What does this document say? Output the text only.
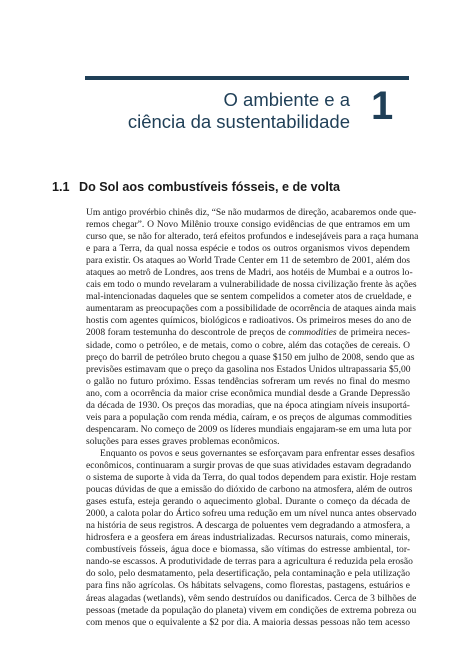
O ambiente e a
ciência da sustentabilidade 1
1.1 Do Sol aos combustíveis fósseis, e de volta

Um antigo provérbio chinês diz, “Se não mudarmos de direção, acabaremos onde que-
remos chegar”. O Novo Milênio trouxe consigo evidências de que entramos em um
curso que, se não for alterado, terá efeitos profundos e indesejáveis para a raça humana
e para a Terra, da qual nossa espécie e todos os outros organismos vivos dependem
para existir. Os ataques ao World Trade Center em 11 de setembro de 2001, além dos
ataques ao metrô de Londres, aos trens de Madri, aos hotéis de Mumbai e a outros lo-
cais em todo o mundo revelaram a vulnerabilidade de nossa civilização frente às ações
mal-intencionadas daqueles que se sentem compelidos a cometer atos de crueldade, e
aumentaram as preocupações com a possibilidade de ocorrência de ataques ainda mais
hostis com agentes químicos, biológicos e radioativos. Os primeiros meses do ano de
2008 foram testemunha do descontrole de preços de commodities de primeira neces-
sidade, como o petróleo, e de metais, como o cobre, além das cotações de cereais. O
preço do barril de petróleo bruto chegou a quase $150 em julho de 2008, sendo que as
previsões estimavam que o preço da gasolina nos Estados Unidos ultrapassaria $5,00
o galão no futuro próximo. Essas tendências sofreram um revés no final do mesmo
ano, com a ocorrência da maior crise econômica mundial desde a Grande Depressão
da década de 1930. Os preços das moradias, que na época atingiam níveis insuportá-
veis para a população com renda média, caíram, e os preços de algumas commodities
despencaram. No começo de 2009 os líderes mundiais engajaram-se em uma luta por
soluções para esses graves problemas econômicos.

Enquanto os povos e seus governantes se esforçavam para enfrentar esses desafios
econômicos, continuaram a surgir provas de que suas atividades estavam degradando
o sistema de suporte à vida da Terra, do qual todos dependem para existir. Hoje restam
poucas dúvidas de que a emissão do dióxido de carbono na atmosfera, além de outros
gases estufa, esteja gerando o aquecimento global. Durante o começo da década de
2000, a calota polar do Ártico sofreu uma redução em um nível nunca antes observado
na história de seus registros. A descarga de poluentes vem degradando a atmosfera, a
hidrosfera e a geosfera em áreas industrializadas. Recursos naturais, como minerais,
combustíveis fósseis, água doce e biomassa, são vítimas do estresse ambiental, tor-
nando-se escassos. A produtividade de terras para a agricultura é reduzida pela erosão
do solo, pelo desmatamento, pela desertificação, pela contaminação e pela utilização
para fins não agrícolas. Os hábitats selvagens, como florestas, pastagens, estuários e
áreas alagadas (wetlands), vêm sendo destruídos ou danificados. Cerca de 3 bilhões de
pessoas (metade da população do planeta) vivem em condições de extrema pobreza ou
com menos que o equivalente a $2 por dia. A maioria dessas pessoas não tem acesso
